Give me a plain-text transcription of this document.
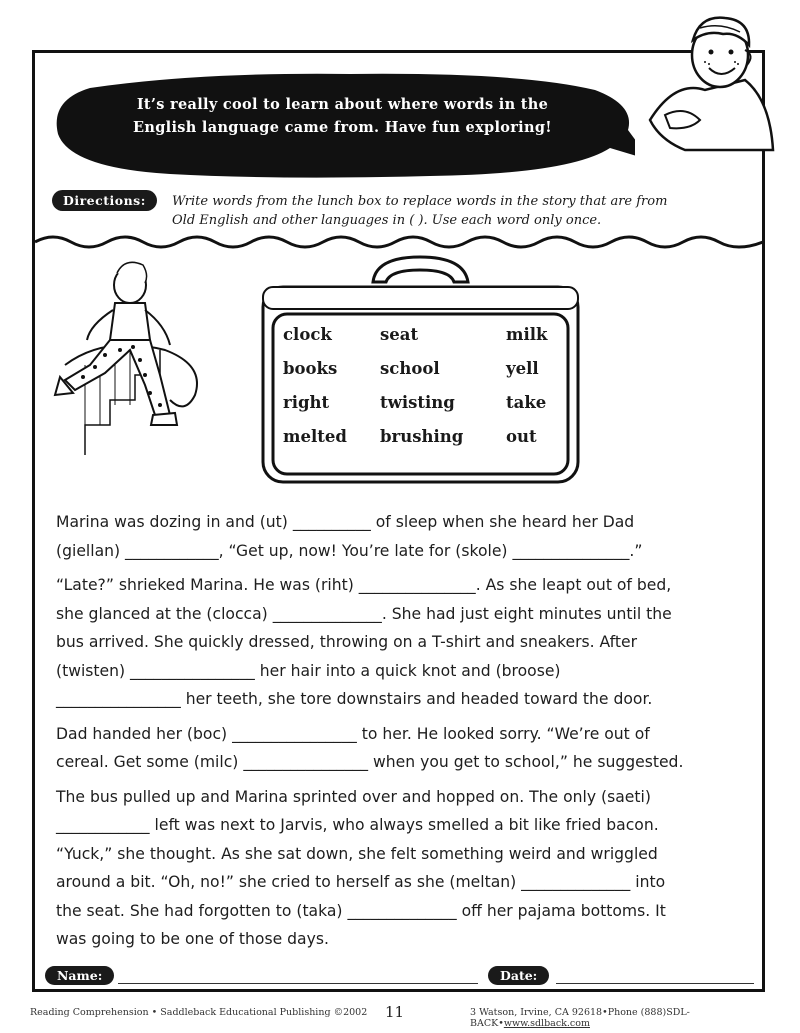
It’s really cool to learn about where words in the
English language came from. Have fun exploring!
Directions:	Write words from the lunch box to replace words in the story that are from Old English and other languages in ( ). Use each word only once.
clock	seat	milk
books	school	yell
right	twisting	take
melted	brushing	out

Marina was dozing in and (ut) __________ of sleep when she heard her Dad
(giellan) ____________, “Get up, now! You’re late for (skole) _______________.”

“Late?” shrieked Marina. He was (riht) _______________. As she leapt out of bed,
she glanced at the (clocca) ______________. She had just eight minutes until the
bus arrived. She quickly dressed, throwing on a T-shirt and sneakers. After
(twisten) ________________ her hair into a quick knot and (broose)
________________ her teeth, she tore downstairs and headed toward the door.

Dad handed her (boc) ________________ to her. He looked sorry. “We’re out of
cereal. Get some (milc) ________________ when you get to school,” he suggested.

The bus pulled up and Marina sprinted over and hopped on. The only (saeti)
____________ left was next to Jarvis, who always smelled a bit like fried bacon.
“Yuck,” she thought. As she sat down, she felt something weird and wriggled
around a bit. “Oh, no!” she cried to herself as she (meltan) ______________ into
the seat. She had forgotten to (taka) ______________ off her pajama bottoms. It
was going to be one of those days.

Name:	Date:
Reading Comprehension • Saddleback Educational Publishing ©2002 11	3 Watson, Irvine, CA 92618•Phone (888)SDL-BACK•www.sdlback.com
